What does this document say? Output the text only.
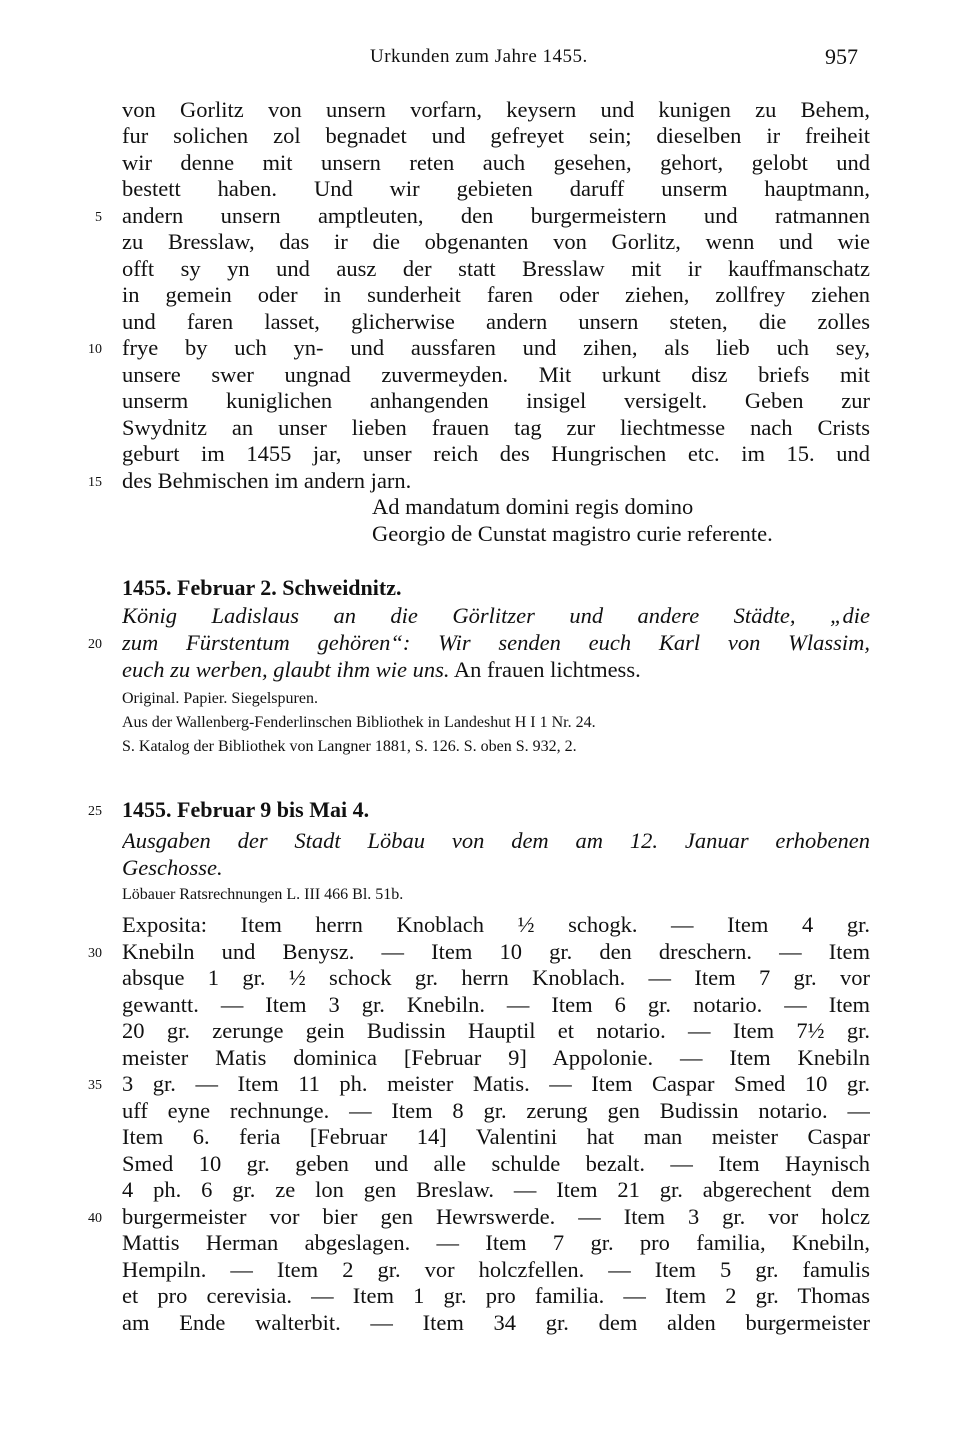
Urkunden zum Jahre 1455.	957
von Gorlitz von unsern vorfarn, keysern und kunigen zu Behem,
fur solichen zol begnadet und gefreyet sein; dieselben ir freiheit
wir denne mit unsern reten auch gesehen, gehort, gelobt und
bestett haben. Und wir gebieten daruff unserm hauptmann,
andern unsern amptleuten, den burgermeistern und ratmannen
zu Bresslaw, das ir die obgenanten von Gorlitz, wenn und wie
offt sy yn und ausz der statt Bresslaw mit ir kauffmanschatz
in gemein oder in sunderheit faren oder ziehen, zollfrey ziehen
und faren lasset, glicherwise andern unsern steten, die zolles
frye by uch yn- und aussfaren und zihen, als lieb uch sey,
unsere swer ungnad zuvermeyden. Mit urkunt disz briefs mit
unserm kuniglichen anhangenden insigel versigelt. Geben zur
Swydnitz an unser lieben frauen tag zur liechtmesse nach Crists
geburt im 1455 jar, unser reich des Hungrischen etc. im 15. und
des Behmischen im andern jarn.
Ad mandatum domini regis domino
Georgio de Cunstat magistro curie referente.
1455. Februar 2. Schweidnitz.
König Ladislaus an die Görlitzer und andere Städte, „die
zum Fürstentum gehören“: Wir senden euch Karl von Wlassim,
euch zu werben, glaubt ihm wie uns. An frauen lichtmess.
Original. Papier. Siegelspuren.
Aus der Wallenberg-Fenderlinschen Bibliothek in Landeshut H I 1 Nr. 24.
S. Katalog der Bibliothek von Langner 1881, S. 126. S. oben S. 932, 2.
1455. Februar 9 bis Mai 4.
Ausgaben der Stadt Löbau von dem am 12. Januar erhobenen
Geschosse.
Löbauer Ratsrechnungen L. III 466 Bl. 51b.
Exposita: Item herrn Knoblach ½ schogk. — Item 4 gr.
Knebiln und Benysz. — Item 10 gr. den dreschern. — Item
absque 1 gr. ½ schock gr. herrn Knoblach. — Item 7 gr. vor
gewantt. — Item 3 gr. Knebiln. — Item 6 gr. notario. — Item
20 gr. zerunge gein Budissin Hauptil et notario. — Item 7½ gr.
meister Matis dominica [Februar 9] Appolonie. — Item Knebiln
3 gr. — Item 11 ph. meister Matis. — Item Caspar Smed 10 gr.
uff eyne rechnunge. — Item 8 gr. zerung gen Budissin notario. —
Item 6. feria [Februar 14] Valentini hat man meister Caspar
Smed 10 gr. geben und alle schulde bezalt. — Item Haynisch
4 ph. 6 gr. ze lon gen Breslaw. — Item 21 gr. abgerechent dem
burgermeister vor bier gen Hewrswerde. — Item 3 gr. vor holcz
Mattis Herman abgeslagen. — Item 7 gr. pro familia, Knebiln,
Hempiln. — Item 2 gr. vor holczfellen. — Item 5 gr. famulis
et pro cerevisia. — Item 1 gr. pro familia. — Item 2 gr. Thomas
am Ende walterbit. — Item 34 gr. dem alden burgermeister
5
10
15
20
25
30
35
40
